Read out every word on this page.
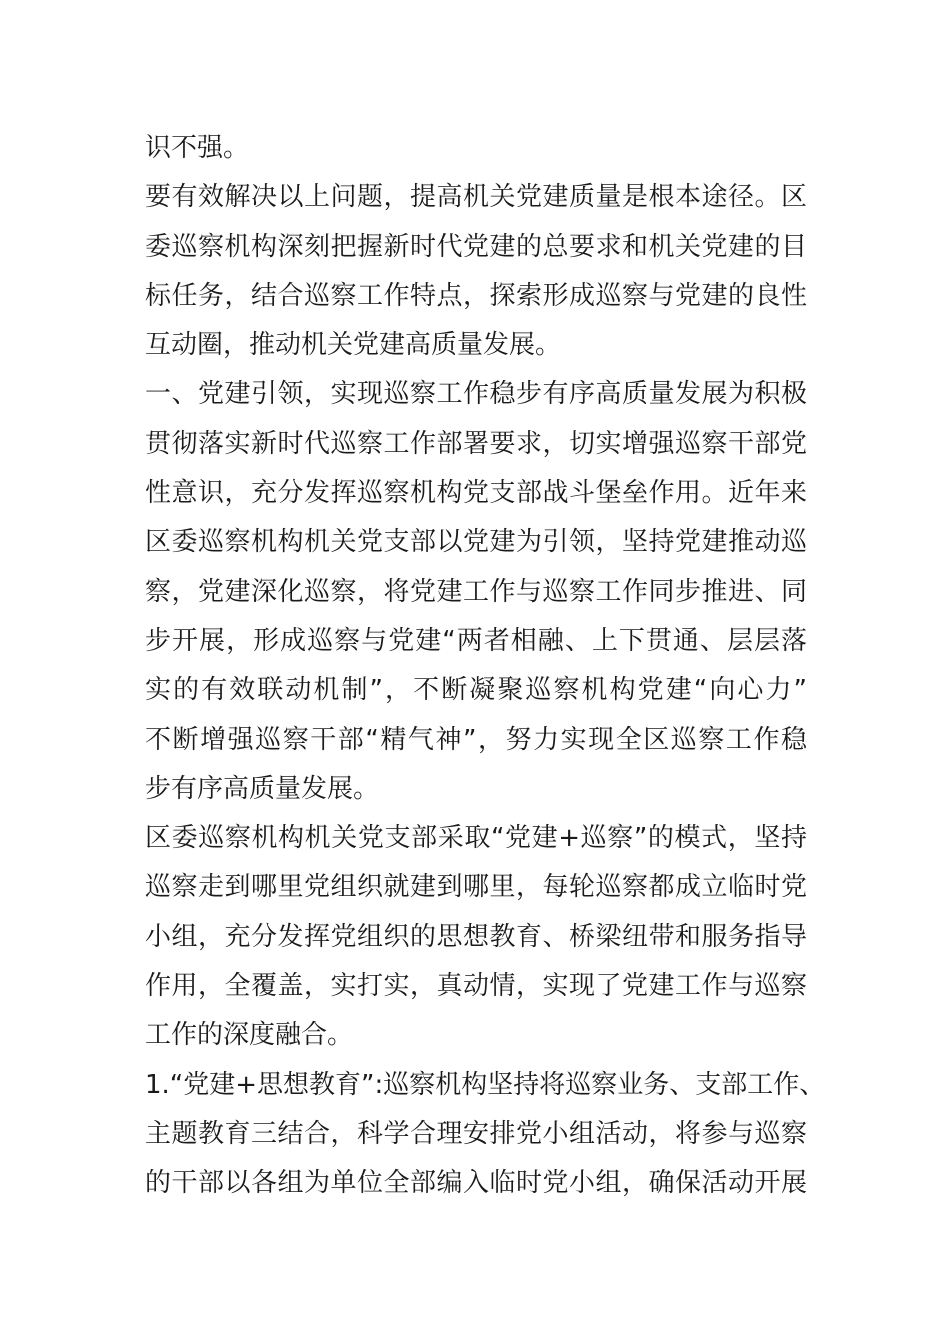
识不强。
要有效解决以上问题，提高机关党建质量是根本途径。区
委巡察机构深刻把握新时代党建的总要求和机关党建的目
标任务，结合巡察工作特点，探索形成巡察与党建的良性
互动圈，推动机关党建高质量发展。
一、党建引领，实现巡察工作稳步有序高质量发展为积极
贯彻落实新时代巡察工作部署要求，切实增强巡察干部党
性意识，充分发挥巡察机构党支部战斗堡垒作用。近年来
区委巡察机构机关党支部以党建为引领，坚持党建推动巡
察，党建深化巡察，将党建工作与巡察工作同步推进、同
步开展，形成巡察与党建“两者相融、上下贯通、层层落
实的有效联动机制”，不断凝聚巡察机构党建“向心力”
不断增强巡察干部“精气神”，努力实现全区巡察工作稳
步有序高质量发展。
区委巡察机构机关党支部采取“党建+巡察”的模式，坚持
巡察走到哪里党组织就建到哪里，每轮巡察都成立临时党
小组，充分发挥党组织的思想教育、桥梁纽带和服务指导
作用，全覆盖，实打实，真动情，实现了党建工作与巡察
工作的深度融合。
1.“党建+思想教育”:巡察机构坚持将巡察业务、支部工作、
主题教育三结合，科学合理安排党小组活动，将参与巡察
的干部以各组为单位全部编入临时党小组，确保活动开展
